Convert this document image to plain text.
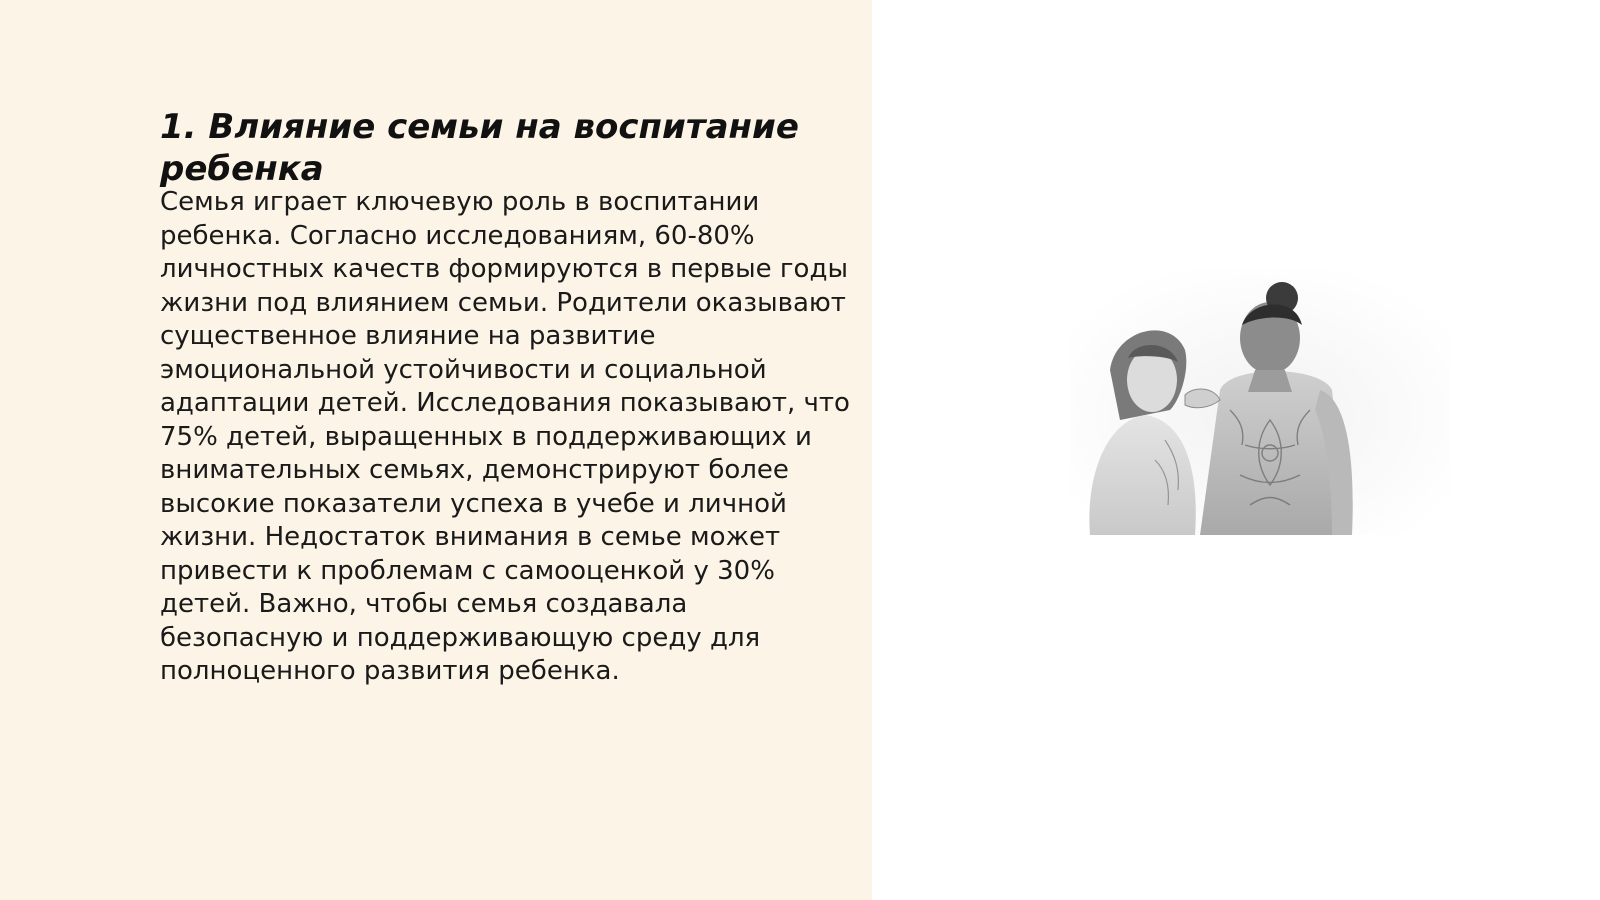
1. Влияние семьи на воспитание ребенка

Семья играет ключевую роль в воспитании ребенка. Согласно исследованиям, 60-80% личностных качеств формируются в первые годы жизни под влиянием семьи. Родители оказывают существенное влияние на развитие эмоциональной устойчивости и социальной адаптации детей. Исследования показывают, что 75% детей, выращенных в поддерживающих и внимательных семьях, демонстрируют более высокие показатели успеха в учебе и личной жизни. Недостаток внимания в семье может привести к проблемам с самооценкой у 30% детей. Важно, чтобы семья создавала безопасную и поддерживающую среду для полноценного развития ребенка.
